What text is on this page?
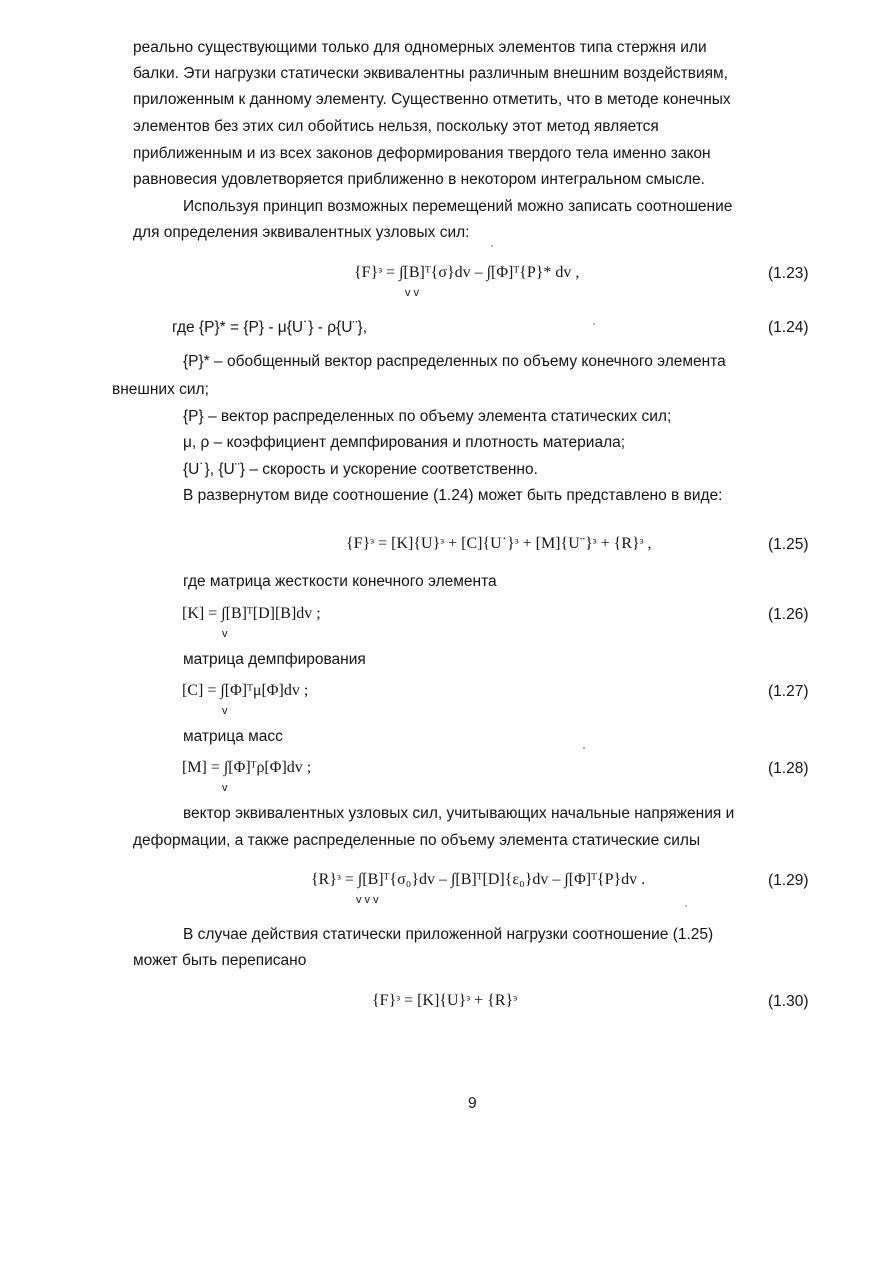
реально существующими только для одномерных элементов типа стержня или
балки. Эти нагрузки статически эквивалентны различным внешним воздействиям,
приложенным к данному элементу. Существенно отметить, что в методе конечных
элементов без этих сил обойтись нельзя, поскольку этот метод является
приближенным и из всех законов деформирования твердого тела именно закон
равновесия удовлетворяется приближенно в некотором интегральном смысле.
Используя принцип возможных перемещений можно записать соотношение
для определения эквивалентных узловых сил:
{F}ᵌ = ∫[B]ᵀ{σ}dv – ∫[Φ]ᵀ{P}* dv ,
v v
(1.23)
где {P}* = {P} - μ{U˙} - ρ{U¨},	(1.24)
{P}* – обобщенный вектор распределенных по объему конечного элемента
внешних сил;
{P} – вектор распределенных по объему элемента статических сил;
μ, ρ – коэффициент демпфирования и плотность материала;
{U˙}, {U¨} – скорость и ускорение соответственно.
В развернутом виде соотношение (1.24) может быть представлено в виде:
{F}ᵌ = [K]{U}ᵌ + [C]{U˙}ᵌ + [M]{U¨}ᵌ + {R}ᵌ ,	(1.25)
где матрица жесткости конечного элемента
[K] = ∫[B]ᵀ[D][B]dv ;
v
(1.26)
матрица демпфирования
[C] = ∫[Φ]ᵀμ[Φ]dv ;
v
(1.27)
матрица масс
[M] = ∫[Φ]ᵀρ[Φ]dv ;
v
(1.28)
вектор эквивалентных узловых сил, учитывающих начальные напряжения и
деформации, а также распределенные по объему элемента статические силы
{R}ᵌ = ∫[B]ᵀ{σ₀}dv – ∫[B]ᵀ[D]{ε₀}dv – ∫[Φ]ᵀ{P}dv .
v v v
(1.29)
В случае действия статически приложенной нагрузки соотношение (1.25)
может быть переписано
{F}ᵌ = [K]{U}ᵌ + {R}ᵌ	(1.30)
9
